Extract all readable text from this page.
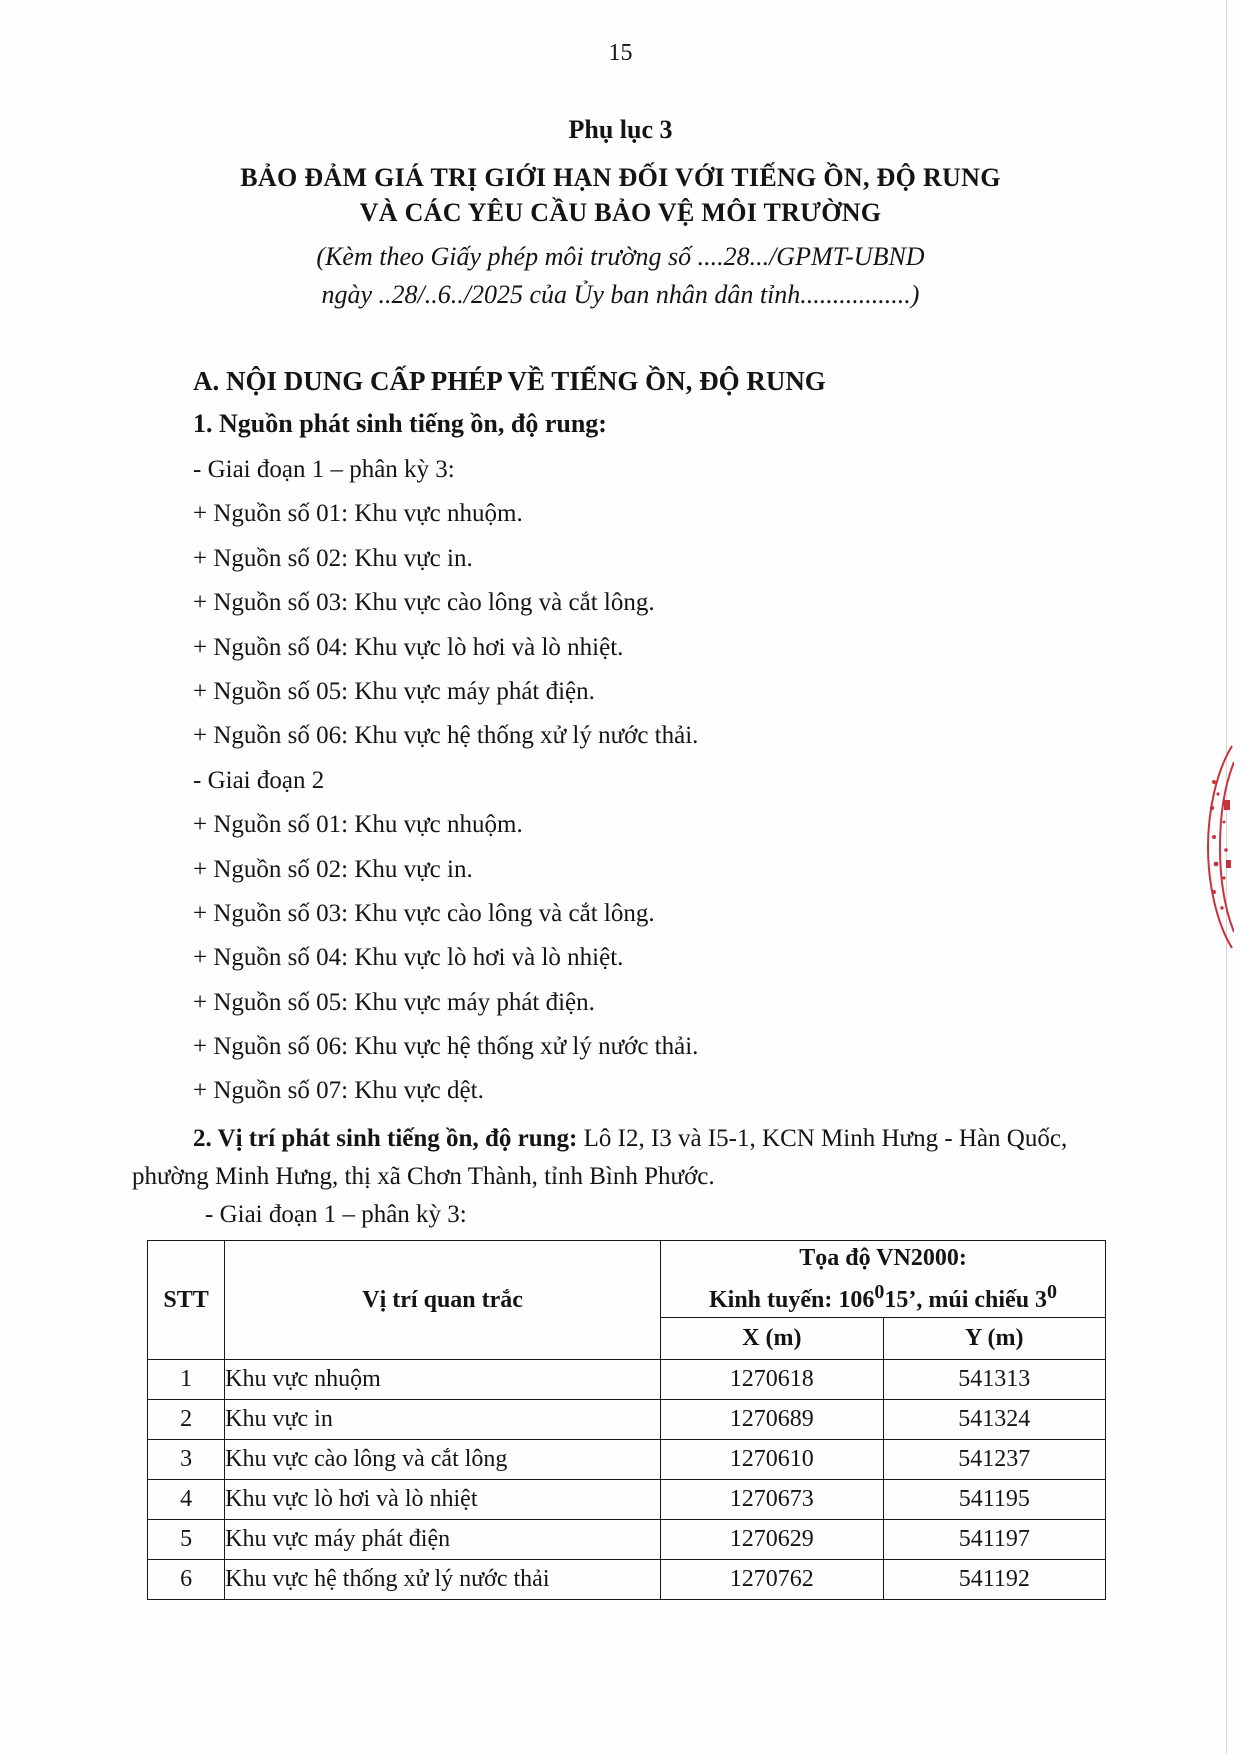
15
Phụ lục 3
BẢO ĐẢM GIÁ TRỊ GIỚI HẠN ĐỐI VỚI TIẾNG ỒN, ĐỘ RUNG
VÀ CÁC YÊU CẦU BẢO VỆ MÔI TRƯỜNG
(Kèm theo Giấy phép môi trường số ....28.../GPMT-UBND
ngày ..28/..6../2025 của Ủy ban nhân dân tỉnh.................)
A. NỘI DUNG CẤP PHÉP VỀ TIẾNG ỒN, ĐỘ RUNG
1. Nguồn phát sinh tiếng ồn, độ rung:
- Giai đoạn 1 – phân kỳ 3:
+ Nguồn số 01: Khu vực nhuộm.
+ Nguồn số 02: Khu vực in.
+ Nguồn số 03: Khu vực cào lông và cắt lông.
+ Nguồn số 04: Khu vực lò hơi và lò nhiệt.
+ Nguồn số 05: Khu vực máy phát điện.
+ Nguồn số 06: Khu vực hệ thống xử lý nước thải.
- Giai đoạn 2
+ Nguồn số 01: Khu vực nhuộm.
+ Nguồn số 02: Khu vực in.
+ Nguồn số 03: Khu vực cào lông và cắt lông.
+ Nguồn số 04: Khu vực lò hơi và lò nhiệt.
+ Nguồn số 05: Khu vực máy phát điện.
+ Nguồn số 06: Khu vực hệ thống xử lý nước thải.
+ Nguồn số 07: Khu vực dệt.
2. Vị trí phát sinh tiếng ồn, độ rung: Lô I2, I3 và I5-1, KCN Minh Hưng - Hàn Quốc, phường Minh Hưng, thị xã Chơn Thành, tỉnh Bình Phước.
- Giai đoạn 1 – phân kỳ 3:
STT	Vị trí quan trắc	Tọa độ VN2000:
Kinh tuyến: $106^015$’, múi chiếu $3^0$

		X (m)	Y (m)
1	Khu vực nhuộm	1270618	541313
2	Khu vực in	1270689	541324
3	Khu vực cào lông và cắt lông	1270610	541237
4	Khu vực lò hơi và lò nhiệt	1270673	541195
5	Khu vực máy phát điện	1270629	541197
6	Khu vực hệ thống xử lý nước thải	1270762	541192
